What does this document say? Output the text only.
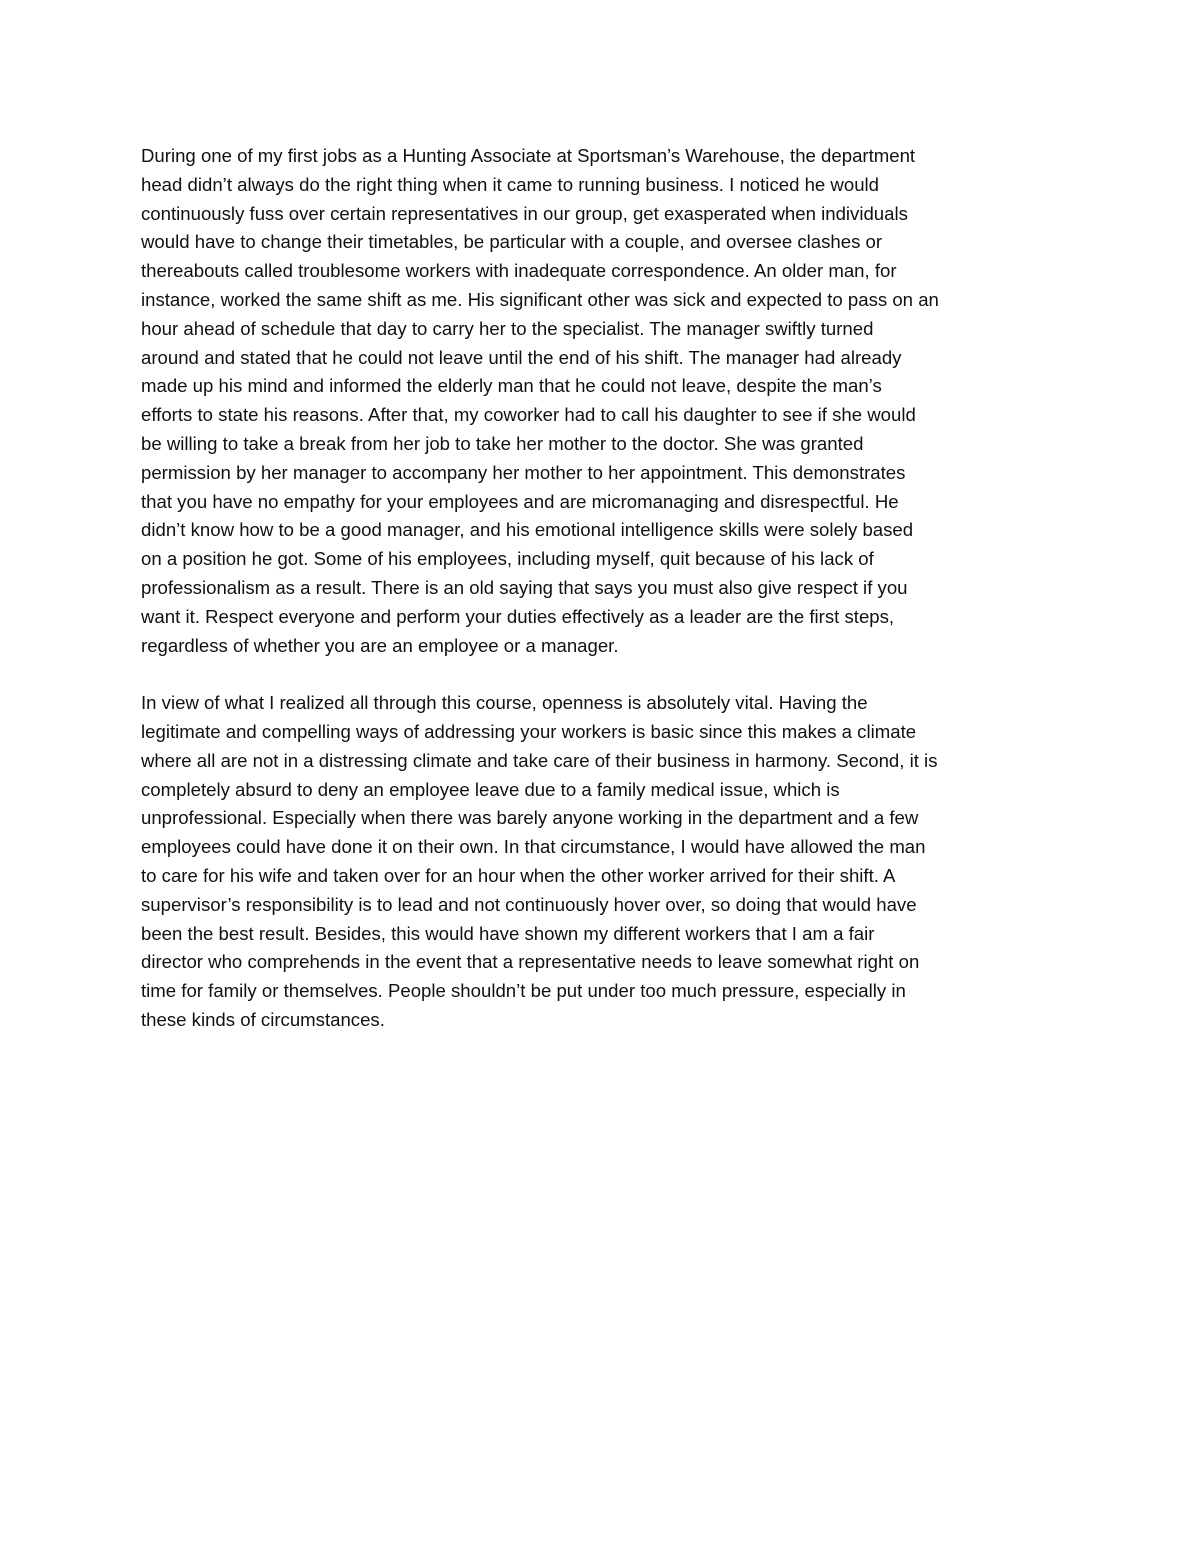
During one of my first jobs as a Hunting Associate at Sportsman’s Warehouse, the department
head didn’t always do the right thing when it came to running business. I noticed he would
continuously fuss over certain representatives in our group, get exasperated when individuals
would have to change their timetables, be particular with a couple, and oversee clashes or
thereabouts called troublesome workers with inadequate correspondence. An older man, for
instance, worked the same shift as me. His significant other was sick and expected to pass on an
hour ahead of schedule that day to carry her to the specialist. The manager swiftly turned
around and stated that he could not leave until the end of his shift. The manager had already
made up his mind and informed the elderly man that he could not leave, despite the man’s
efforts to state his reasons. After that, my coworker had to call his daughter to see if she would
be willing to take a break from her job to take her mother to the doctor. She was granted
permission by her manager to accompany her mother to her appointment. This demonstrates
that you have no empathy for your employees and are micromanaging and disrespectful. He
didn’t know how to be a good manager, and his emotional intelligence skills were solely based
on a position he got. Some of his employees, including myself, quit because of his lack of
professionalism as a result. There is an old saying that says you must also give respect if you
want it. Respect everyone and perform your duties effectively as a leader are the first steps,
regardless of whether you are an employee or a manager.

In view of what I realized all through this course, openness is absolutely vital. Having the
legitimate and compelling ways of addressing your workers is basic since this makes a climate
where all are not in a distressing climate and take care of their business in harmony. Second, it is
completely absurd to deny an employee leave due to a family medical issue, which is
unprofessional. Especially when there was barely anyone working in the department and a few
employees could have done it on their own. In that circumstance, I would have allowed the man
to care for his wife and taken over for an hour when the other worker arrived for their shift. A
supervisor’s responsibility is to lead and not continuously hover over, so doing that would have
been the best result. Besides, this would have shown my different workers that I am a fair
director who comprehends in the event that a representative needs to leave somewhat right on
time for family or themselves. People shouldn’t be put under too much pressure, especially in
these kinds of circumstances.
